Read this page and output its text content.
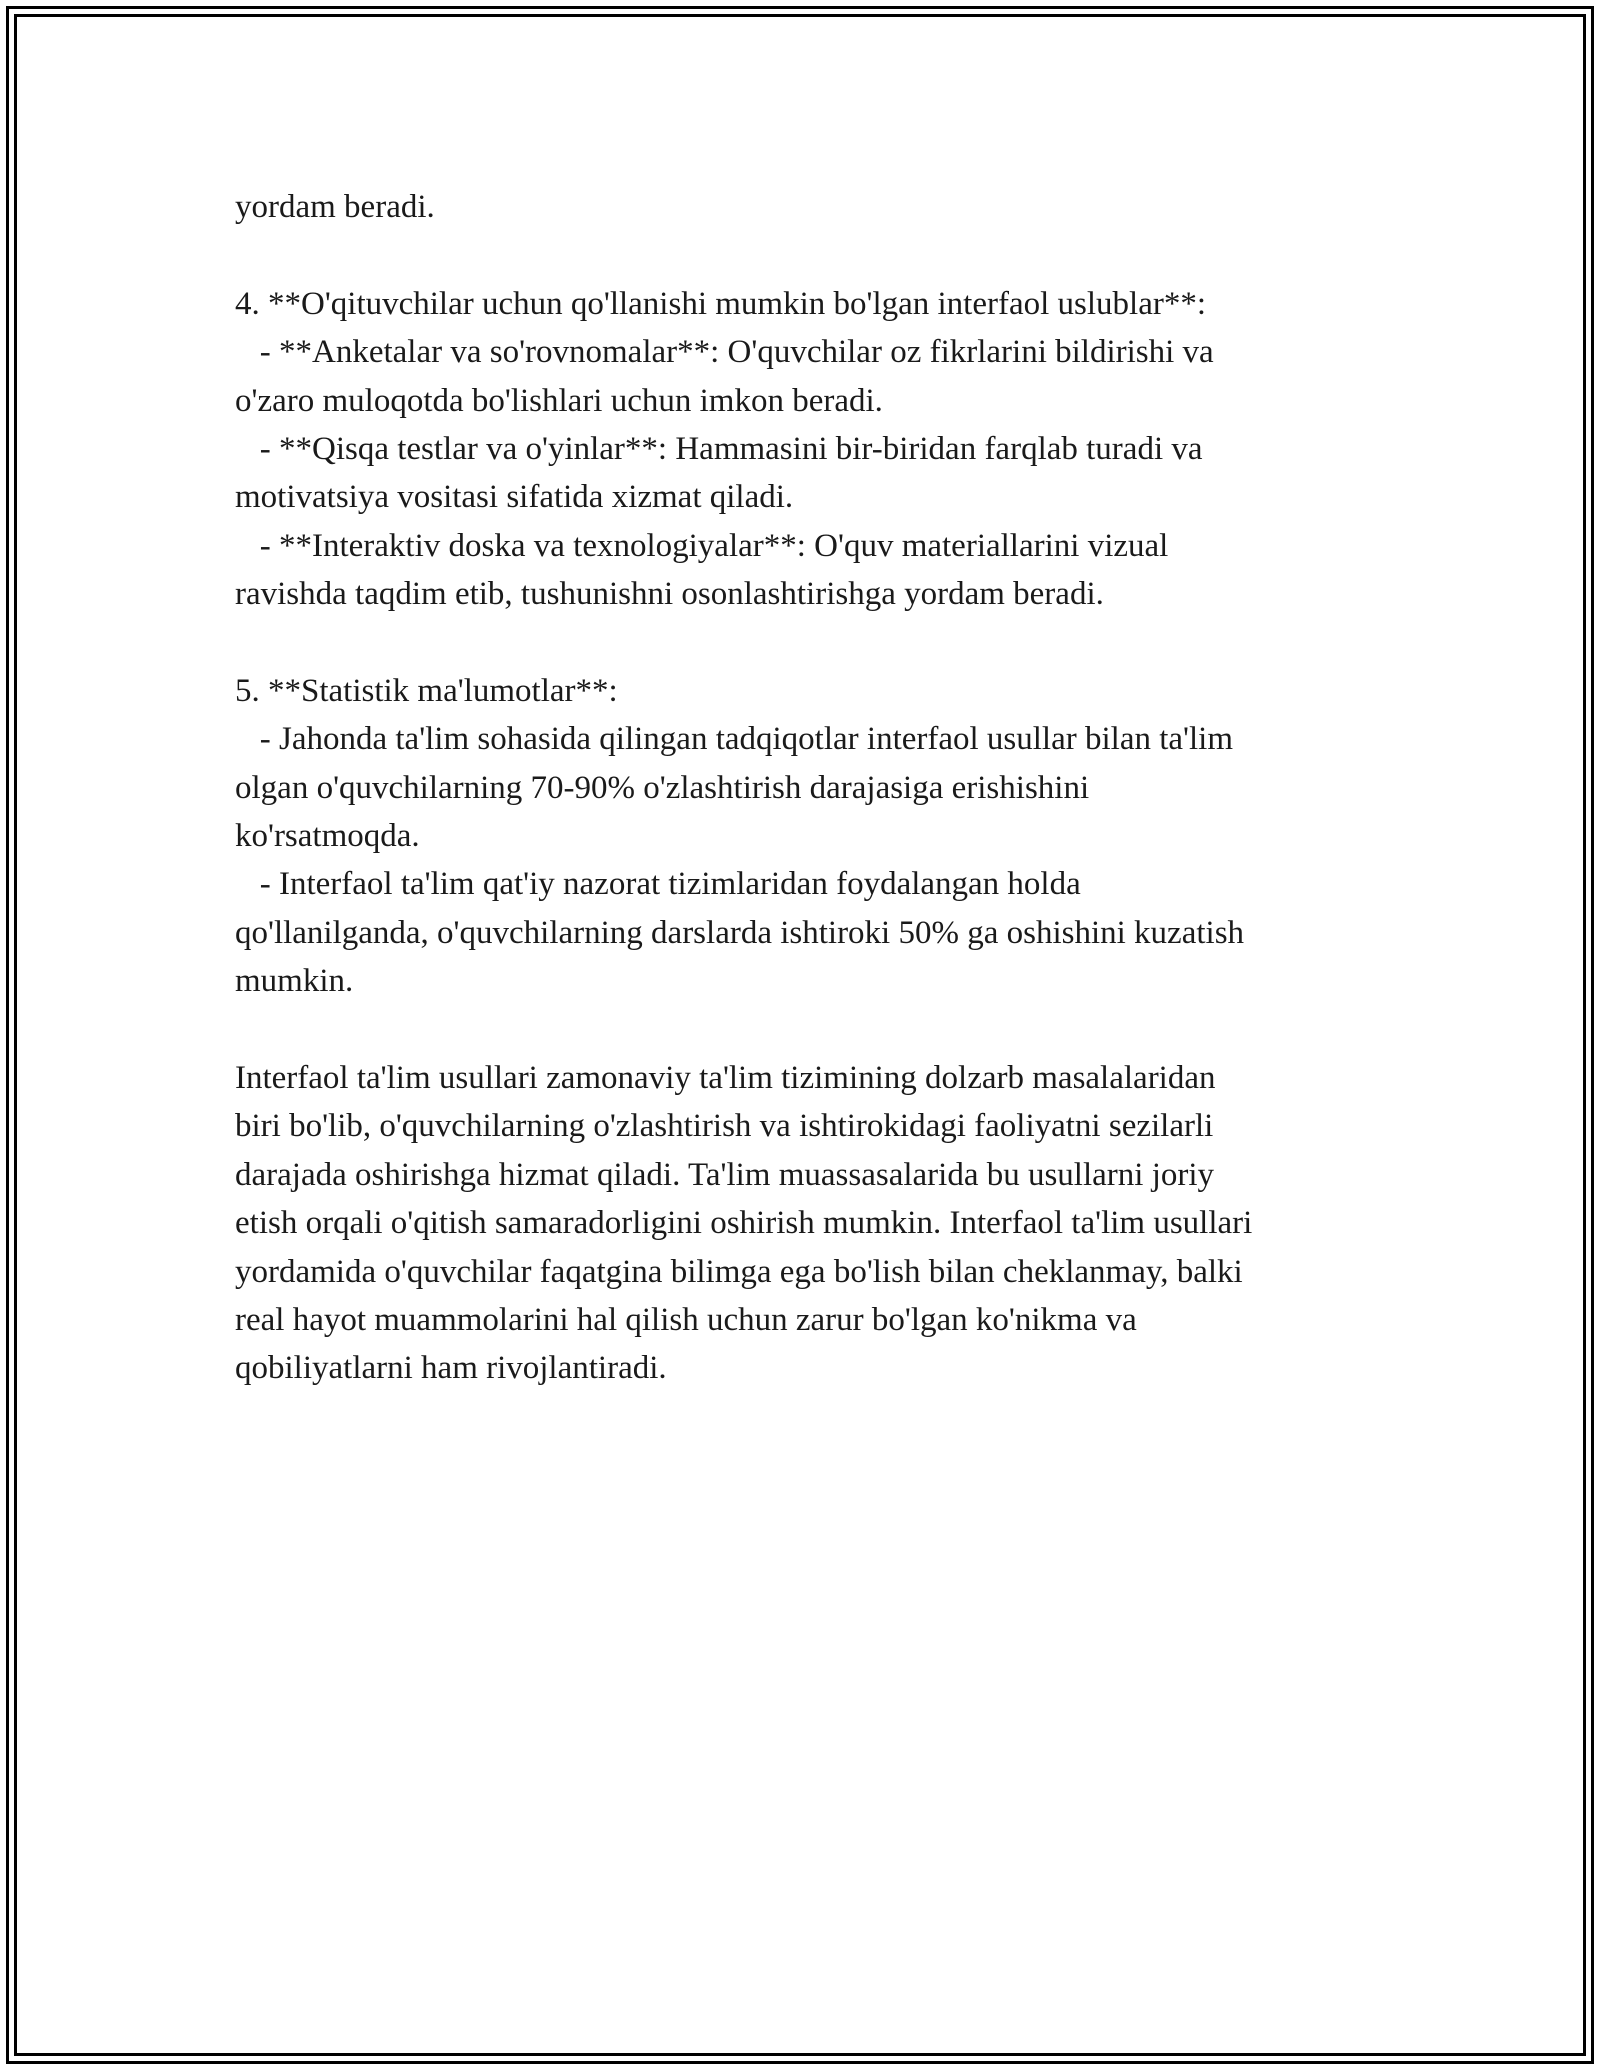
yordam beradi.
4. **O'qituvchilar uchun qo'llanishi mumkin bo'lgan interfaol uslublar**:
- **Anketalar va so'rovnomalar**: O'quvchilar oz fikrlarini bildirishi va
o'zaro muloqotda bo'lishlari uchun imkon beradi.
- **Qisqa testlar va o'yinlar**: Hammasini bir-biridan farqlab turadi va
motivatsiya vositasi sifatida xizmat qiladi.
- **Interaktiv doska va texnologiyalar**: O'quv materiallarini vizual
ravishda taqdim etib, tushunishni osonlashtirishga yordam beradi.
5. **Statistik ma'lumotlar**:
- Jahonda ta'lim sohasida qilingan tadqiqotlar interfaol usullar bilan ta'lim
olgan o'quvchilarning 70-90% o'zlashtirish darajasiga erishishini
ko'rsatmoqda.
- Interfaol ta'lim qat'iy nazorat tizimlaridan foydalangan holda
qo'llanilganda, o'quvchilarning darslarda ishtiroki 50% ga oshishini kuzatish
mumkin.
Interfaol ta'lim usullari zamonaviy ta'lim tizimining dolzarb masalalaridan
biri bo'lib, o'quvchilarning o'zlashtirish va ishtirokidagi faoliyatni sezilarli
darajada oshirishga hizmat qiladi. Ta'lim muassasalarida bu usullarni joriy
etish orqali o'qitish samaradorligini oshirish mumkin. Interfaol ta'lim usullari
yordamida o'quvchilar faqatgina bilimga ega bo'lish bilan cheklanmay, balki
real hayot muammolarini hal qilish uchun zarur bo'lgan ko'nikma va
qobiliyatlarni ham rivojlantiradi.
